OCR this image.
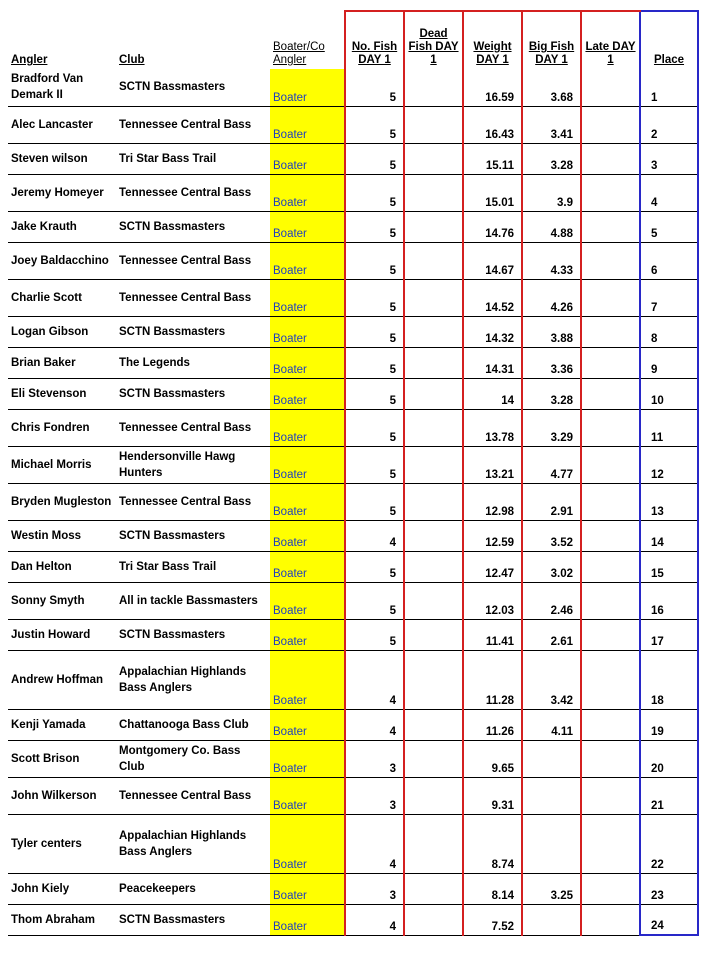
Angler	Club	Boater/Co Angler	No. Fish DAY 1	Dead Fish DAY 1	Weight DAY 1	Big Fish DAY 1	Late DAY 1	Place
Bradford Van Demark II	SCTN Bassmasters	Boater	5		16.59	3.68		1
Alec Lancaster	Tennessee Central Bass	Boater	5		16.43	3.41		2
Steven wilson	Tri Star Bass Trail	Boater	5		15.11	3.28		3
Jeremy Homeyer	Tennessee Central Bass	Boater	5		15.01	3.9		4
Jake Krauth	SCTN Bassmasters	Boater	5		14.76	4.88		5
Joey Baldacchino	Tennessee Central Bass	Boater	5		14.67	4.33		6
Charlie Scott	Tennessee Central Bass	Boater	5		14.52	4.26		7
Logan Gibson	SCTN Bassmasters	Boater	5		14.32	3.88		8
Brian Baker	The Legends	Boater	5		14.31	3.36		9
Eli Stevenson	SCTN Bassmasters	Boater	5		14	3.28		10
Chris Fondren	Tennessee Central Bass	Boater	5		13.78	3.29		11
Michael Morris	Hendersonville Hawg Hunters	Boater	5		13.21	4.77		12
Bryden Mugleston	Tennessee Central Bass	Boater	5		12.98	2.91		13
Westin Moss	SCTN Bassmasters	Boater	4		12.59	3.52		14
Dan Helton	Tri Star Bass Trail	Boater	5		12.47	3.02		15
Sonny Smyth	All in tackle Bassmasters	Boater	5		12.03	2.46		16
Justin Howard	SCTN Bassmasters	Boater	5		11.41	2.61		17
Andrew Hoffman	Appalachian Highlands Bass Anglers	Boater	4		11.28	3.42		18
Kenji Yamada	Chattanooga Bass Club	Boater	4		11.26	4.11		19
Scott Brison	Montgomery Co. Bass Club	Boater	3		9.65			20
John Wilkerson	Tennessee Central Bass	Boater	3		9.31			21
Tyler centers	Appalachian Highlands Bass Anglers	Boater	4		8.74			22
John Kiely	Peacekeepers	Boater	3		8.14	3.25		23
Thom Abraham	SCTN Bassmasters	Boater	4		7.52			24
